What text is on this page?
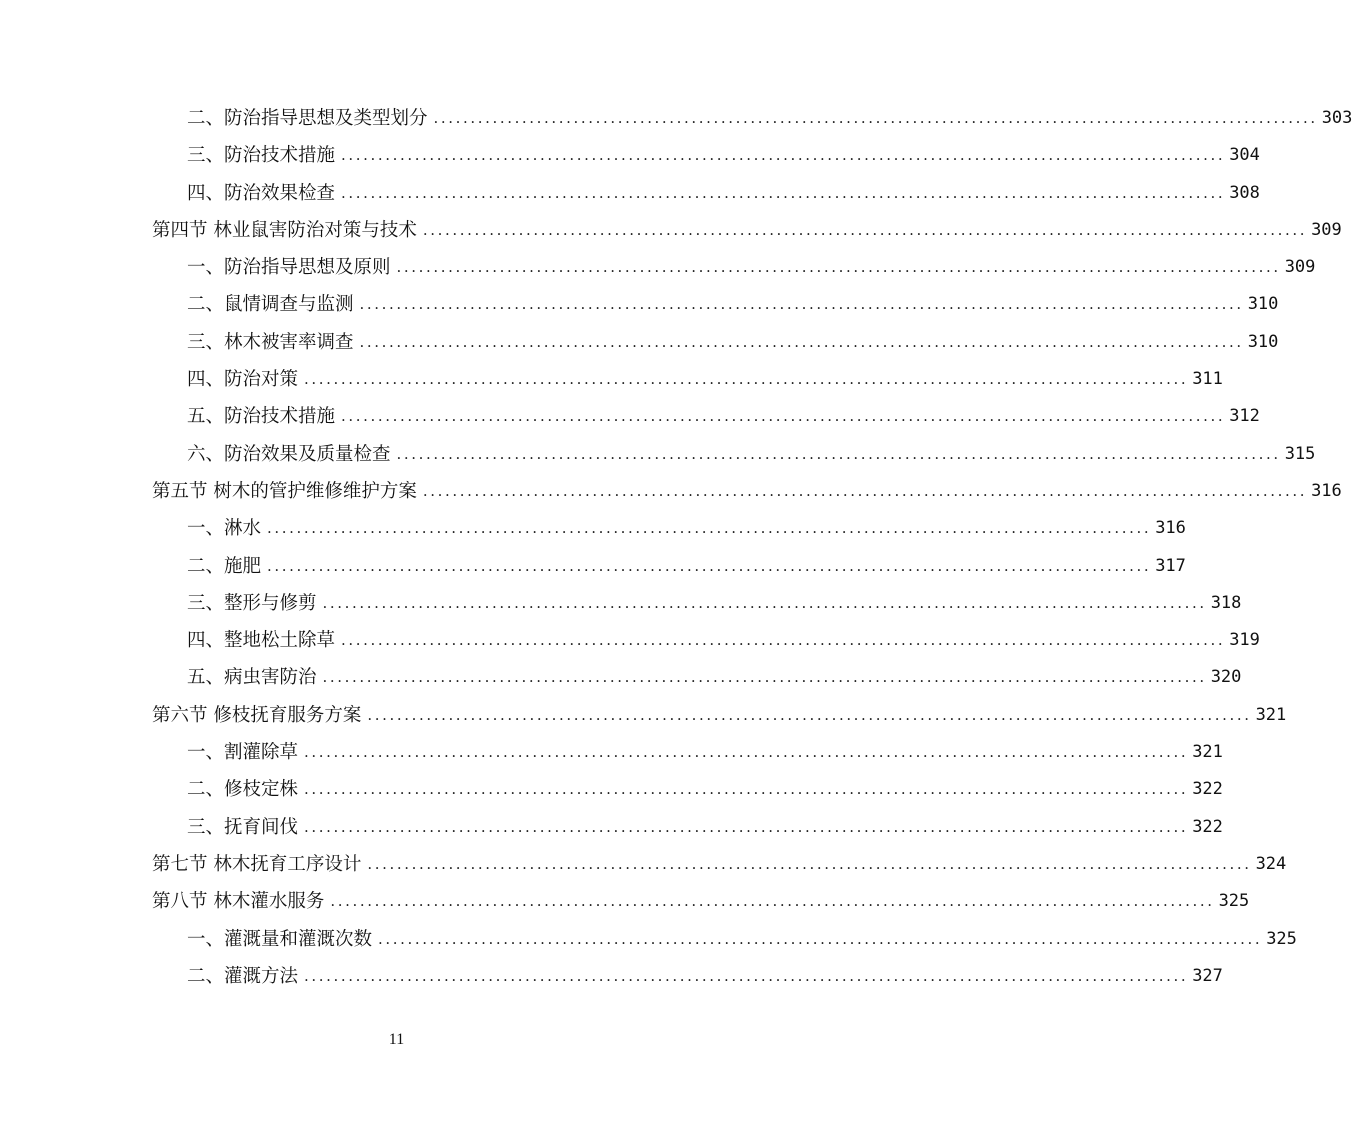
二、防治指导思想及类型划分 ........................................................................................................................ 303
三、防治技术措施 ........................................................................................................................ 304
四、防治效果检查 ........................................................................................................................ 308
第四节 林业鼠害防治对策与技术 ........................................................................................................................ 309
一、防治指导思想及原则 ........................................................................................................................ 309
二、鼠情调查与监测 ........................................................................................................................ 310
三、林木被害率调查 ........................................................................................................................ 310
四、防治对策 ........................................................................................................................ 311
五、防治技术措施 ........................................................................................................................ 312
六、防治效果及质量检查 ........................................................................................................................ 315
第五节 树木的管护维修维护方案 ........................................................................................................................ 316
一、淋水 ........................................................................................................................ 316
二、施肥 ........................................................................................................................ 317
三、整形与修剪 ........................................................................................................................ 318
四、整地松土除草 ........................................................................................................................ 319
五、病虫害防治 ........................................................................................................................ 320
第六节 修枝抚育服务方案 ........................................................................................................................ 321
一、割灌除草 ........................................................................................................................ 321
二、修枝定株 ........................................................................................................................ 322
三、抚育间伐 ........................................................................................................................ 322
第七节 林木抚育工序设计 ........................................................................................................................ 324
第八节 林木灌水服务 ........................................................................................................................ 325
一、灌溉量和灌溉次数 ........................................................................................................................ 325
二、灌溉方法 ........................................................................................................................ 327
11
